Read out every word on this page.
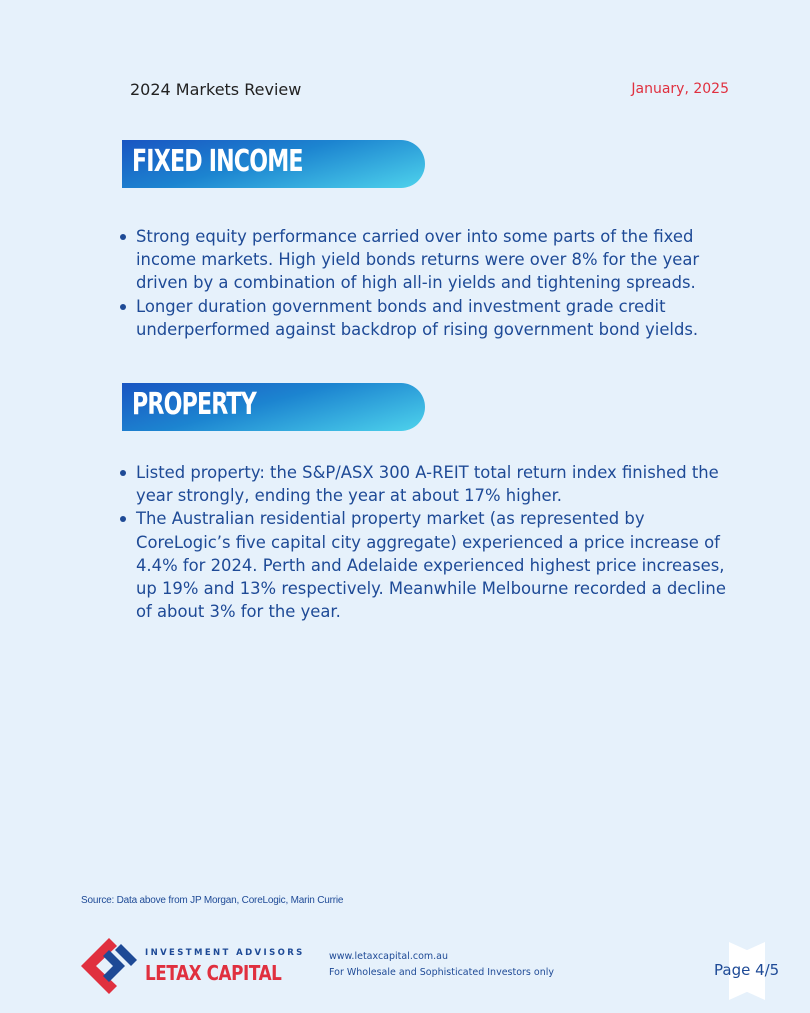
2024 Markets Review	January, 2025
FIXED INCOME
Strong equity performance carried over into some parts of the fixed income markets. High yield bonds returns were over 8% for the year driven by a combination of high all-in yields and tightening spreads.
Longer duration government bonds and investment grade credit underperformed against backdrop of rising government bond yields.
PROPERTY
Listed property: the S&P/ASX 300 A-REIT total return index finished the year strongly, ending the year at about 17% higher.
The Australian residential property market (as represented by CoreLogic’s five capital city aggregate) experienced a price increase of 4.4% for 2024. Perth and Adelaide experienced highest price increases, up 19% and 13% respectively. Meanwhile Melbourne recorded a decline of about 3% for the year.
Source: Data above from JP Morgan, CoreLogic, Marin Currie
INVESTMENT ADVISORS
LETAX CAPITAL
www.letaxcapital.com.au
For Wholesale and Sophisticated Investors only	Page 4/5
